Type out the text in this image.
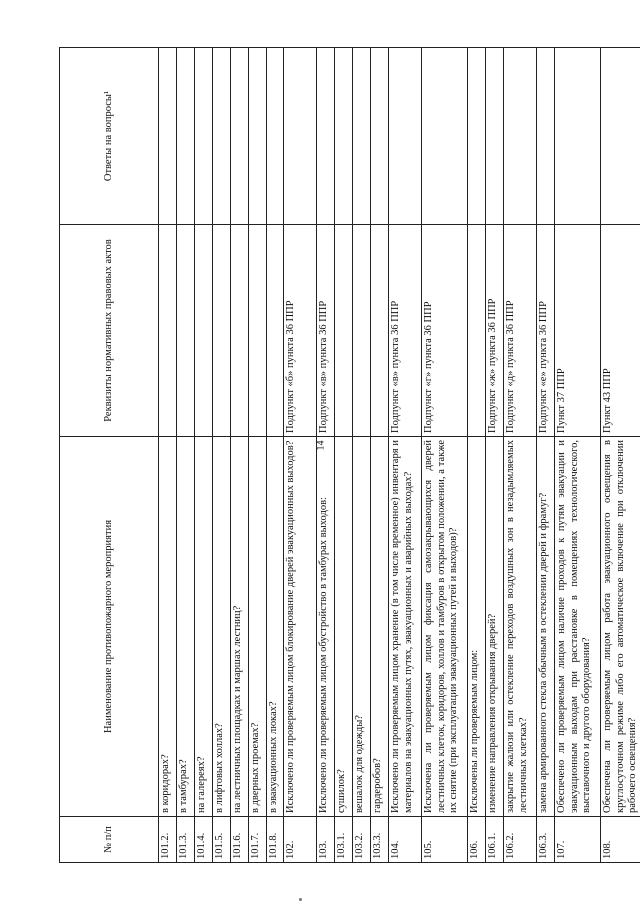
14
№ п/п	Наименование противопожарного мероприятия	Реквизиты нормативных правовых актов	Ответы на вопросы¹
101.2.	в коридорах?		
101.3.	в тамбурах?		
101.4.	на галереях?		
101.5.	в лифтовых холлах?		
101.6.	на лестничных площадках и маршах лестниц?		
101.7.	в дверных проемах?		
101.8.	в эвакуационных люках?		
102.	Исключено ли проверяемым лицом блокирование дверей эвакуационных выходов?	Подпункт «б» пункта 36 ППР	
103.	Исключено ли проверяемым лицом обустройство в тамбурах выходов:	Подпункт «в» пункта 36 ППР	
103.1.	сушилок?		
103.2.	вешалок для одежды?		
103.3.	гардеробов?		
104.	Исключено ли проверяемым лицом хранение (в том числе временное) инвентаря и материалов на эвакуационных путях, эвакуационных и аварийных выходах?	Подпункт «в» пункта 36 ППР	
105.	Исключена ли проверяемым лицом фиксация самозакрывающихся дверей лестничных клеток, коридоров, холлов и тамбуров в открытом положении, а также их снятие (при эксплуатации эвакуационных путей и выходов)?	Подпункт «г» пункта 36 ППР	
106.	Исключены ли проверяемым лицом:		
106.1.	изменение направления открывания дверей?	Подпункт «ж» пункта 36 ППР	
106.2.	закрытие жалюзи или остекление переходов воздушных зон в незадымляемых лестничных клетках?	Подпункт «д» пункта 36 ППР	
106.3.	замена армированного стекла обычным в остеклении дверей и фрамуг?	Подпункт «е» пункта 36 ППР	
107.	Обеспечено ли проверяемым лицом наличие проходов к путям эвакуации и эвакуационным выходам при расстановке в помещениях технологического, выставочного и другого оборудования?	Пункт 37 ППР	
108.	Обеспечена ли проверяемым лицом работа эвакуационного освещения в круглосуточном режиме либо его автоматическое включение при отключении рабочего освещения?	Пункт 43 ППР	
